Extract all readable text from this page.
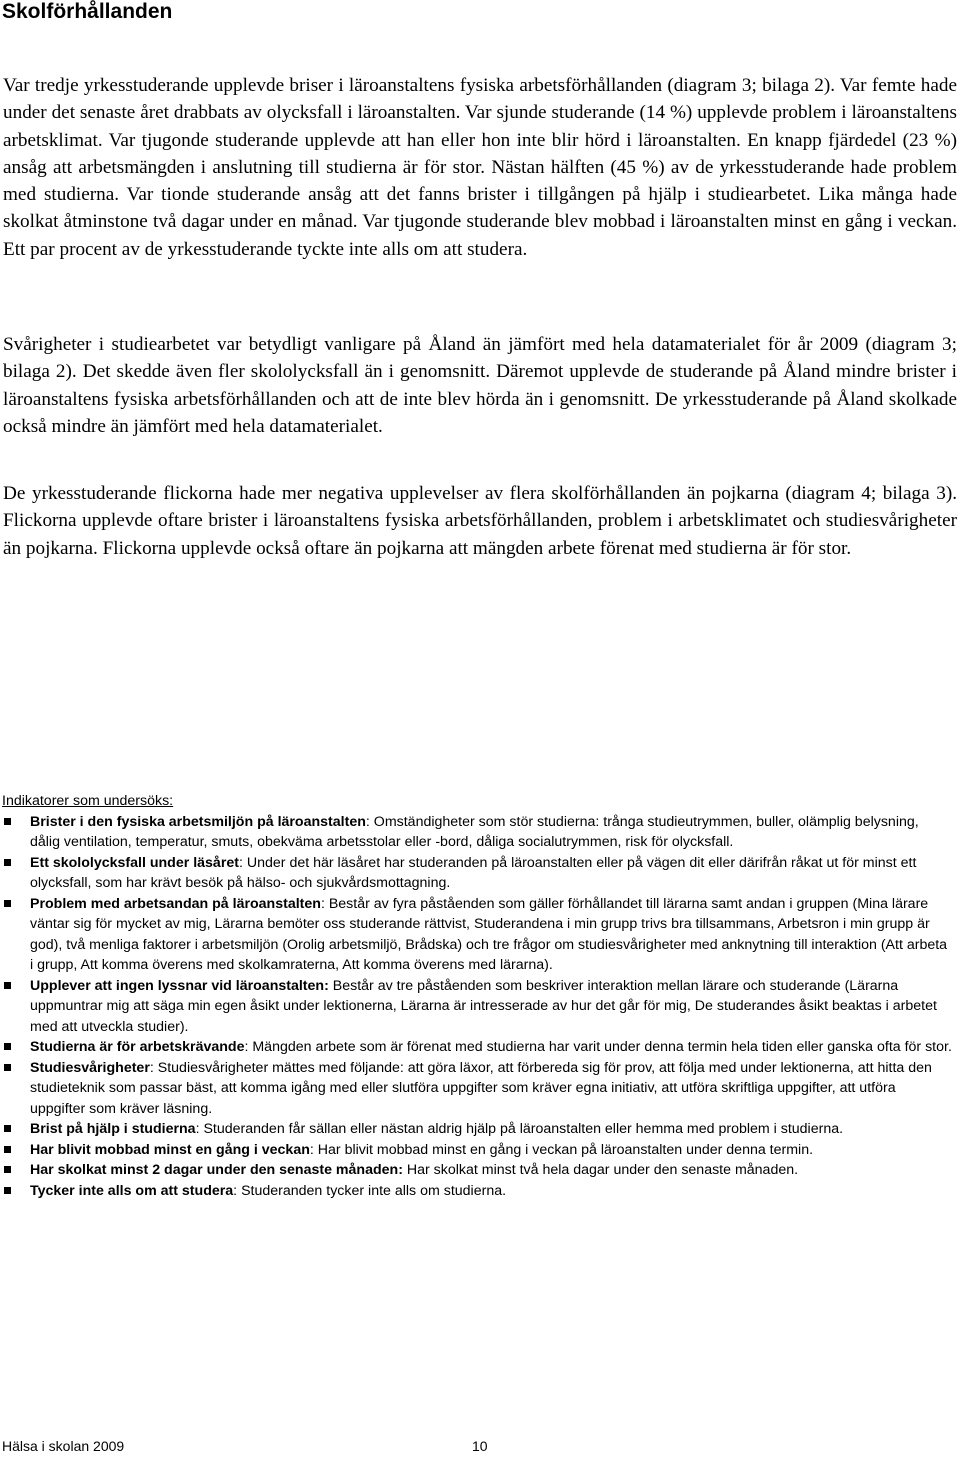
Skolförhållanden

Var tredje yrkesstuderande upplevde briser i läroanstaltens fysiska arbetsförhållanden (diagram 3; bilaga 2). Var femte hade under det senaste året drabbats av olycksfall i läroanstalten. Var sjunde studerande (14 %) upplevde problem i läroanstaltens arbetsklimat. Var tjugonde studerande upplevde att han eller hon inte blir hörd i läroanstalten. En knapp fjärdedel (23 %) ansåg att arbetsmängden i anslutning till studierna är för stor. Nästan hälften (45 %) av de yrkesstuderande hade problem med studierna. Var tionde studerande ansåg att det fanns brister i tillgången på hjälp i studiearbetet. Lika många hade skolkat åtminstone två dagar under en månad. Var tjugonde studerande blev mobbad i läroanstalten minst en gång i veckan. Ett par procent av de yrkesstuderande tyckte inte alls om att studera.

Svårigheter i studiearbetet var betydligt vanligare på Åland än jämfört med hela datamaterialet för år 2009 (diagram 3; bilaga 2). Det skedde även fler skololycksfall än i genomsnitt. Däremot upplevde de studerande på Åland mindre brister i läroanstaltens fysiska arbetsförhållanden och att de inte blev hörda än i genomsnitt. De yrkesstuderande på Åland skolkade också mindre än jämfört med hela datamaterialet.

De yrkesstuderande flickorna hade mer negativa upplevelser av flera skolförhållanden än pojkarna (diagram 4; bilaga 3). Flickorna upplevde oftare brister i läroanstaltens fysiska arbetsförhållanden, problem i arbetsklimatet och studiesvårigheter än pojkarna. Flickorna upplevde också oftare än pojkarna att mängden arbete förenat med studierna är för stor.

Indikatorer som undersöks:
Brister i den fysiska arbetsmiljön på läroanstalten: Omständigheter som stör studierna: trånga studieutrymmen, buller, olämplig belysning, dålig ventilation, temperatur, smuts, obekväma arbetsstolar eller -bord, dåliga socialutrymmen, risk för olycksfall.
Ett skololycksfall under läsåret: Under det här läsåret har studeranden på läroanstalten eller på vägen dit eller därifrån råkat ut för minst ett olycksfall, som har krävt besök på hälso- och sjukvårdsmottagning.
Problem med arbetsandan på läroanstalten: Består av fyra påståenden som gäller förhållandet till lärarna samt andan i gruppen (Mina lärare väntar sig för mycket av mig, Lärarna bemöter oss studerande rättvist, Studerandena i min grupp trivs bra tillsammans, Arbetsron i min grupp är god), två menliga faktorer i arbetsmiljön (Orolig arbetsmiljö, Brådska) och tre frågor om studiesvårigheter med anknytning till interaktion (Att arbeta i grupp, Att komma överens med skolkamraterna, Att komma överens med lärarna).
Upplever att ingen lyssnar vid läroanstalten: Består av tre påståenden som beskriver interaktion mellan lärare och studerande (Lärarna uppmuntrar mig att säga min egen åsikt under lektionerna, Lärarna är intresserade av hur det går för mig, De studerandes åsikt beaktas i arbetet med att utveckla studier).
Studierna är för arbetskrävande: Mängden arbete som är förenat med studierna har varit under denna termin hela tiden eller ganska ofta för stor.
Studiesvårigheter: Studiesvårigheter mättes med följande: att göra läxor, att förbereda sig för prov, att följa med under lektionerna, att hitta den studieteknik som passar bäst, att komma igång med eller slutföra uppgifter som kräver egna initiativ, att utföra skriftliga uppgifter, att utföra uppgifter som kräver läsning.
Brist på hjälp i studierna: Studeranden får sällan eller nästan aldrig hjälp på läroanstalten eller hemma med problem i studierna.
Har blivit mobbad minst en gång i veckan: Har blivit mobbad minst en gång i veckan på läroanstalten under denna termin.
Har skolkat minst 2 dagar under den senaste månaden: Har skolkat minst två hela dagar under den senaste månaden.
Tycker inte alls om att studera: Studeranden tycker inte alls om studierna.
Hälsa i skolan 2009	10
